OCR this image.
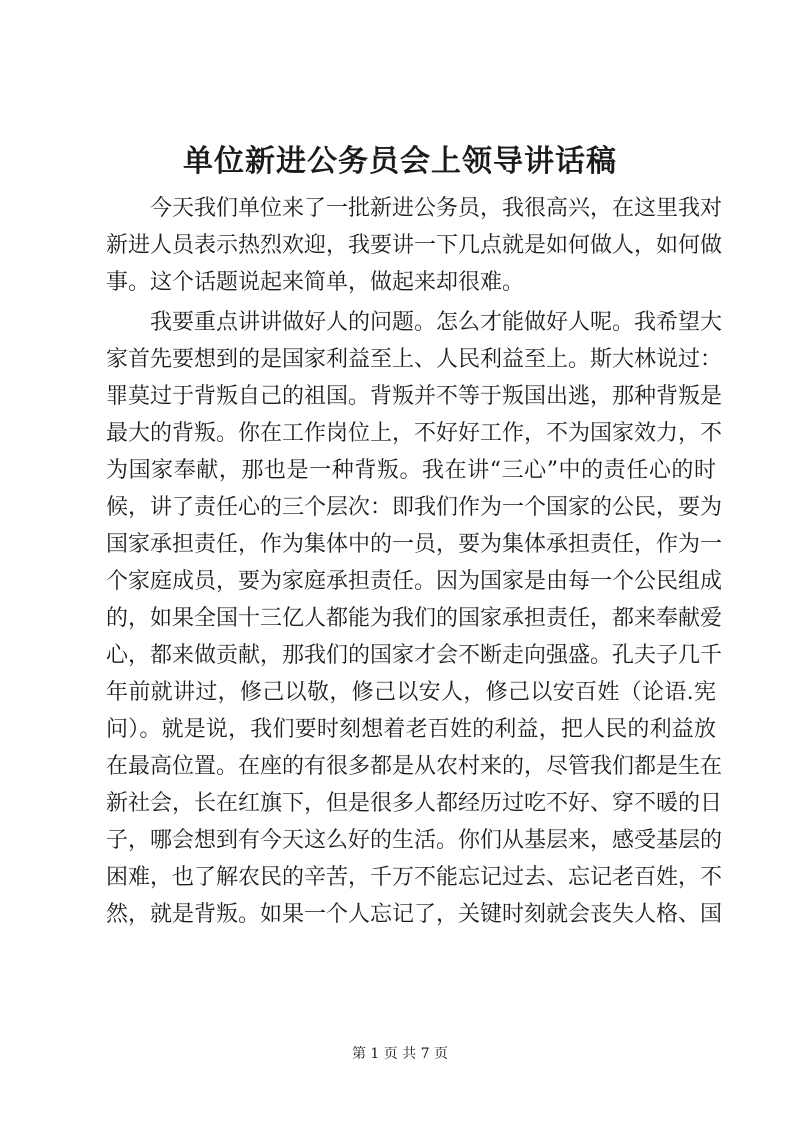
单位新进公务员会上领导讲话稿
今天我们单位来了一批新进公务员，我很高兴，在这里我对
新进人员表示热烈欢迎，我要讲一下几点就是如何做人，如何做
事。这个话题说起来简单，做起来却很难。
我要重点讲讲做好人的问题。怎么才能做好人呢。我希望大
家首先要想到的是国家利益至上、人民利益至上。斯大林说过：
罪莫过于背叛自己的祖国。背叛并不等于叛国出逃，那种背叛是
最大的背叛。你在工作岗位上，不好好工作，不为国家效力，不
为国家奉献，那也是一种背叛。我在讲“三心”中的责任心的时
候，讲了责任心的三个层次：即我们作为一个国家的公民，要为
国家承担责任，作为集体中的一员，要为集体承担责任，作为一
个家庭成员，要为家庭承担责任。因为国家是由每一个公民组成
的，如果全国十三亿人都能为我们的国家承担责任，都来奉献爱
心，都来做贡献，那我们的国家才会不断走向强盛。孔夫子几千
年前就讲过，修己以敬，修己以安人，修己以安百姓（论语.宪
问）。就是说，我们要时刻想着老百姓的利益，把人民的利益放
在最高位置。在座的有很多都是从农村来的，尽管我们都是生在
新社会，长在红旗下，但是很多人都经历过吃不好、穿不暖的日
子，哪会想到有今天这么好的生活。你们从基层来，感受基层的
困难，也了解农民的辛苦，千万不能忘记过去、忘记老百姓，不
然，就是背叛。如果一个人忘记了，关键时刻就会丧失人格、国
第 1 页 共 7 页
